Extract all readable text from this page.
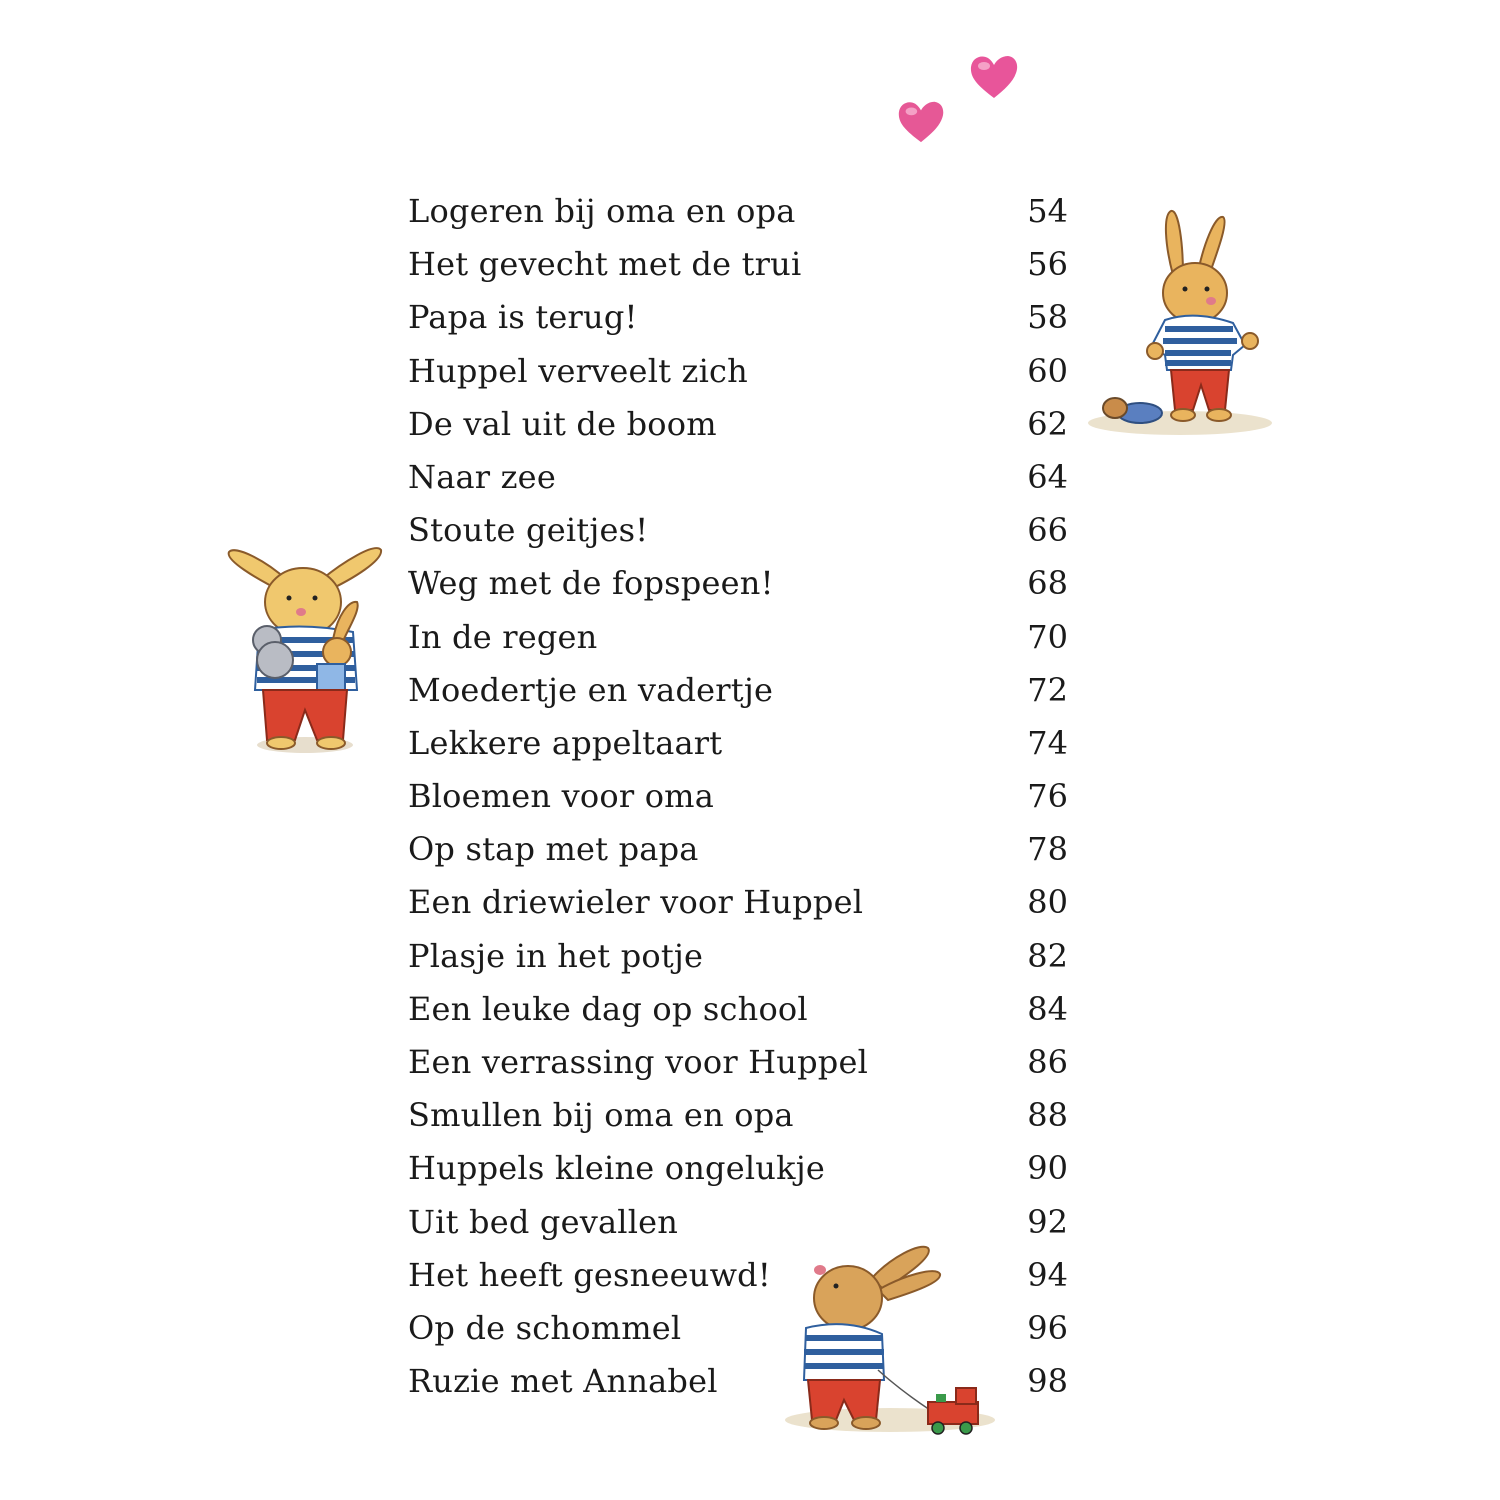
Logeren bij oma en opa	54
Het gevecht met de trui	56
Papa is terug!	58
Huppel verveelt zich	60
De val uit de boom	62
Naar zee	64
Stoute geitjes!	66
Weg met de fopspeen!	68
In de regen	70
Moedertje en vadertje	72
Lekkere appeltaart	74
Bloemen voor oma	76
Op stap met papa	78
Een driewieler voor Huppel	80
Plasje in het potje	82
Een leuke dag op school	84
Een verrassing voor Huppel	86
Smullen bij oma en opa	88
Huppels kleine ongelukje	90
Uit bed gevallen	92
Het heeft gesneeuwd!	94
Op de schommel	96
Ruzie met Annabel	98
